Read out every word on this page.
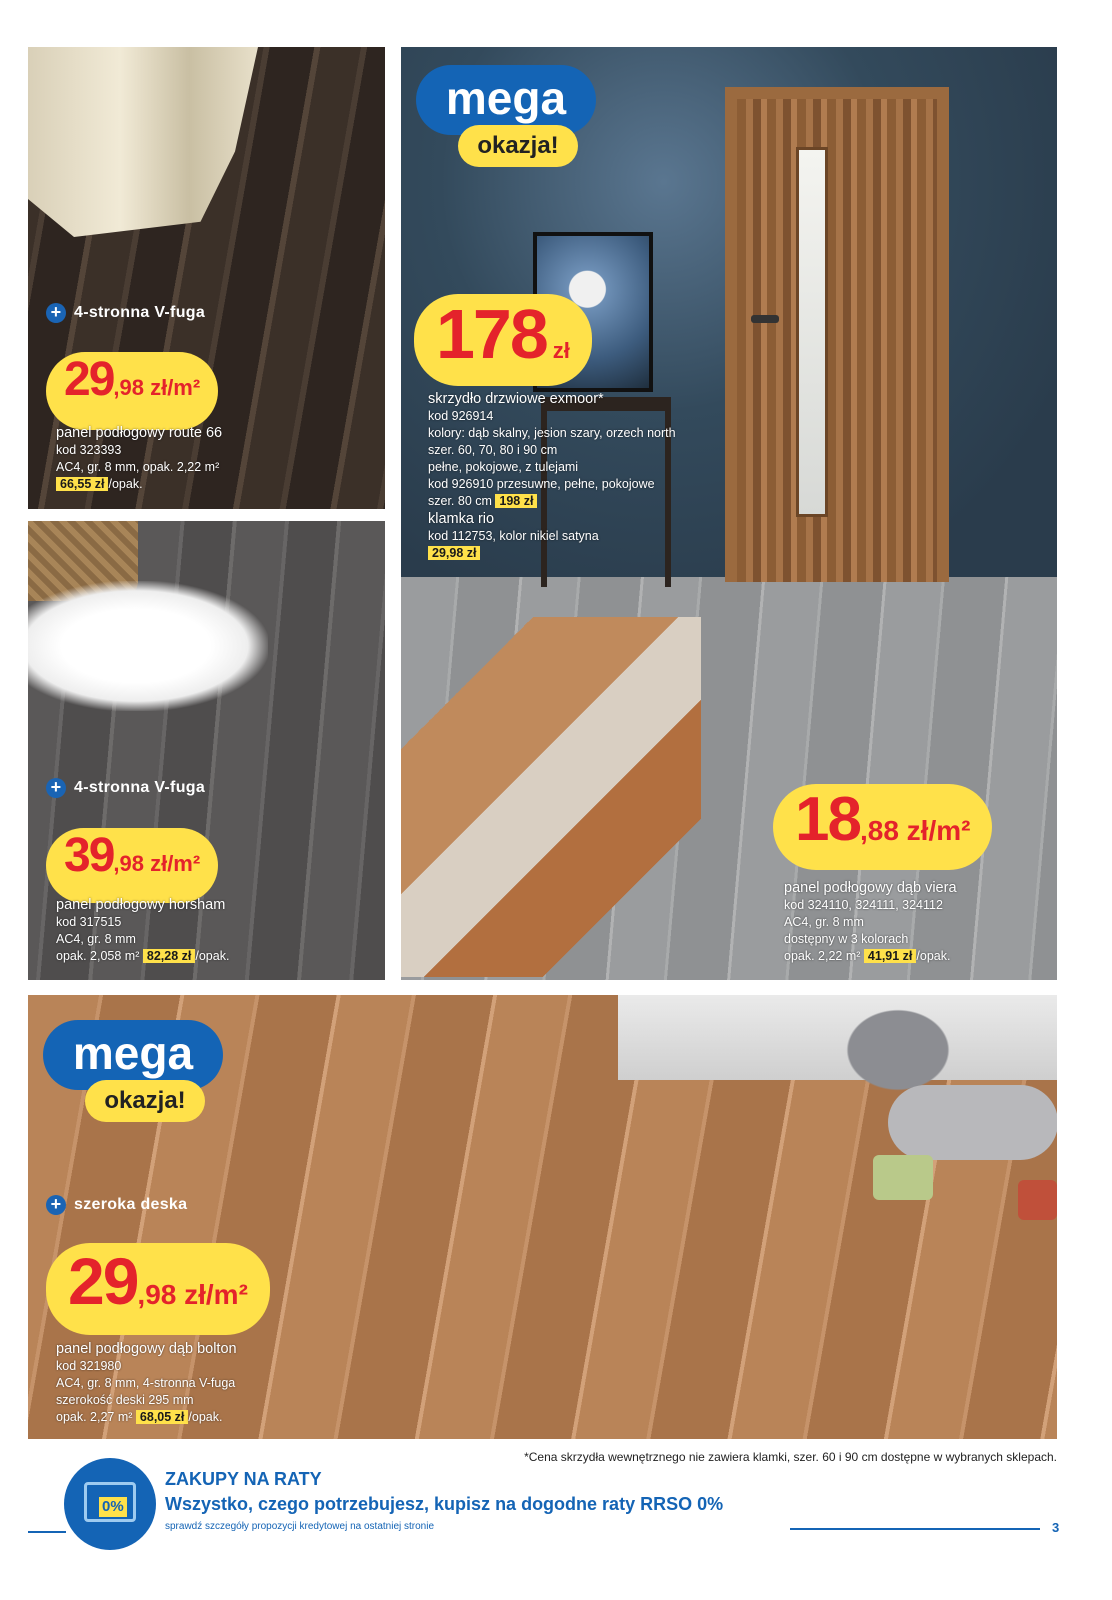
+ 4-stronna V-fuga
29 ,98 zł/m²
panel podłogowy route 66
kod 323393
AC4, gr. 8 mm, opak. 2,22 m²
66,55 zł /opak.
+ 4-stronna V-fuga
39 ,98 zł/m²
panel podłogowy horsham
kod 317515
AC4, gr. 8 mm
opak. 2,058 m² 82,28 zł /opak.
mega
okazja!
178 zł
skrzydło drzwiowe exmoor*
kod 926914
kolory: dąb skalny, jesion szary, orzech north
szer. 60, 70, 80 i 90 cm
pełne, pokojowe, z tulejami
kod 926910 przesuwne, pełne, pokojowe
szer. 80 cm 198 zł
klamka rio
kod 112753, kolor nikiel satyna
29,98 zł
18 ,88 zł/m²
panel podłogowy dąb viera
kod 324110, 324111, 324112
AC4, gr. 8 mm
dostępny w 3 kolorach
opak. 2,22 m² 41,91 zł /opak.
mega
okazja!
+ szeroka deska
29 ,98 zł/m²
panel podłogowy dąb bolton
kod 321980
AC4, gr. 8 mm, 4-stronna V-fuga
szerokość deski 295 mm
opak. 2,27 m² 68,05 zł /opak.
*Cena skrzydła wewnętrznego nie zawiera klamki, szer. 60 i 90 cm dostępne w wybranych sklepach.
0%
ZAKUPY NA RATY
Wszystko, czego potrzebujesz, kupisz na dogodne raty RRSO 0%
sprawdź szczegóły propozycji kredytowej na ostatniej stronie	3
